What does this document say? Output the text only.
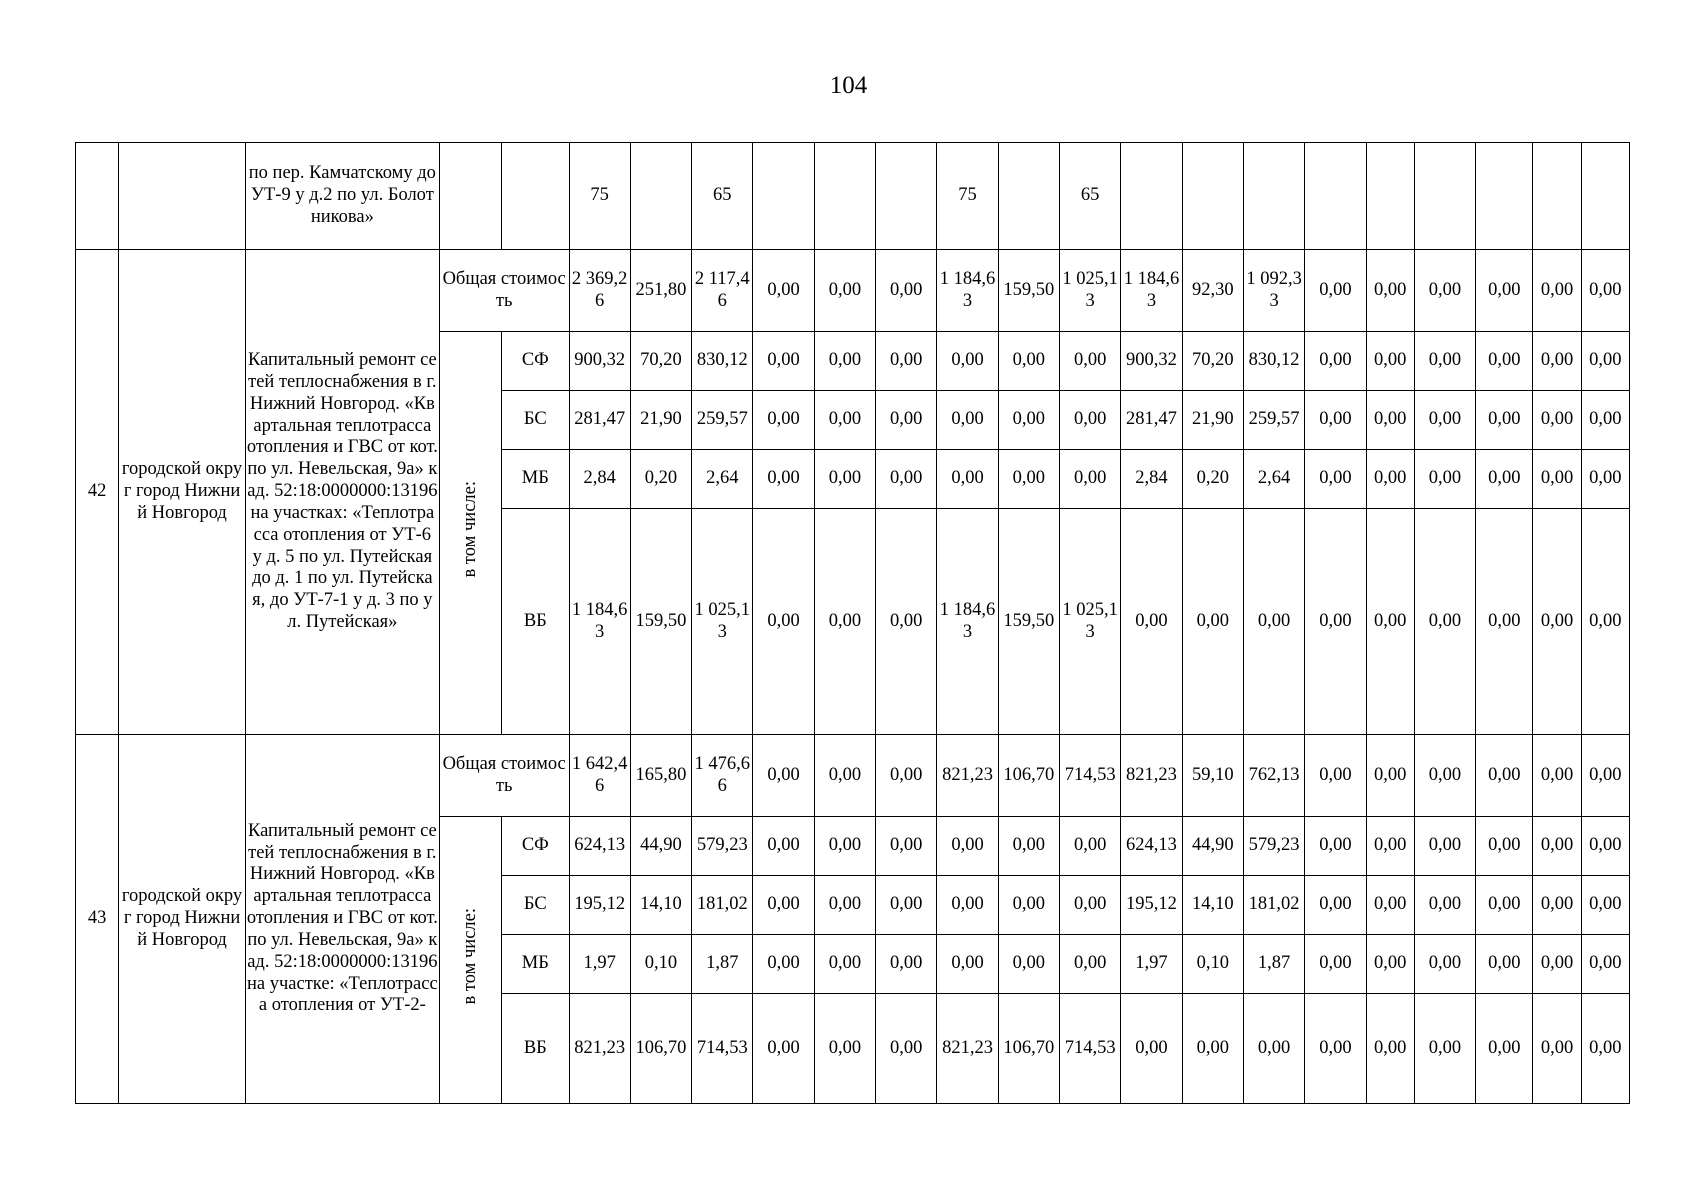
104
		по пер. Камчатскому до УТ-9 у д.2 по ул. Болотникова»			75		65				75		65									
42	городской округ город Нижний Новгород	Капитальный ремонт сетей теплоснабжения в г.Нижний Новгород. «Квартальная теплотрасса отопления и ГВС от кот. по ул. Невельская, 9а» кад. 52:18:0000000:13196 на участках: «Теплотрасса отопления от УТ-6 у д. 5 по ул. Путейская до д. 1 по ул. Путейская, до УТ-7-1 у д. 3 по ул. Путейская»	Общая стоимость		2 369,26	251,80	2 117,46	0,00	0,00	0,00	1 184,63	159,50	1 025,13	1 184,63	92,30	1 092,33	0,00	0,00	0,00	0,00	0,00	0,00
			в том числе:	СФ	900,32	70,20	830,12	0,00	0,00	0,00	0,00	0,00	0,00	900,32	70,20	830,12	0,00	0,00	0,00	0,00	0,00	0,00
				БС	281,47	21,90	259,57	0,00	0,00	0,00	0,00	0,00	0,00	281,47	21,90	259,57	0,00	0,00	0,00	0,00	0,00	0,00
				МБ	2,84	0,20	2,64	0,00	0,00	0,00	0,00	0,00	0,00	2,84	0,20	2,64	0,00	0,00	0,00	0,00	0,00	0,00
				ВБ	1 184,63	159,50	1 025,13	0,00	0,00	0,00	1 184,63	159,50	1 025,13	0,00	0,00	0,00	0,00	0,00	0,00	0,00	0,00	0,00
43	городской округ город Нижний Новгород	Капитальный ремонт сетей теплоснабжения в г.Нижний Новгород. «Квартальная теплотрасса отопления и ГВС от кот. по ул. Невельская, 9а» кад. 52:18:0000000:13196 на участке: «Теплотрасса отопления от УТ-2-	Общая стоимость		1 642,46	165,80	1 476,66	0,00	0,00	0,00	821,23	106,70	714,53	821,23	59,10	762,13	0,00	0,00	0,00	0,00	0,00	0,00
			в том числе:	СФ	624,13	44,90	579,23	0,00	0,00	0,00	0,00	0,00	0,00	624,13	44,90	579,23	0,00	0,00	0,00	0,00	0,00	0,00
				БС	195,12	14,10	181,02	0,00	0,00	0,00	0,00	0,00	0,00	195,12	14,10	181,02	0,00	0,00	0,00	0,00	0,00	0,00
				МБ	1,97	0,10	1,87	0,00	0,00	0,00	0,00	0,00	0,00	1,97	0,10	1,87	0,00	0,00	0,00	0,00	0,00	0,00
				ВБ	821,23	106,70	714,53	0,00	0,00	0,00	821,23	106,70	714,53	0,00	0,00	0,00	0,00	0,00	0,00	0,00	0,00	0,00
